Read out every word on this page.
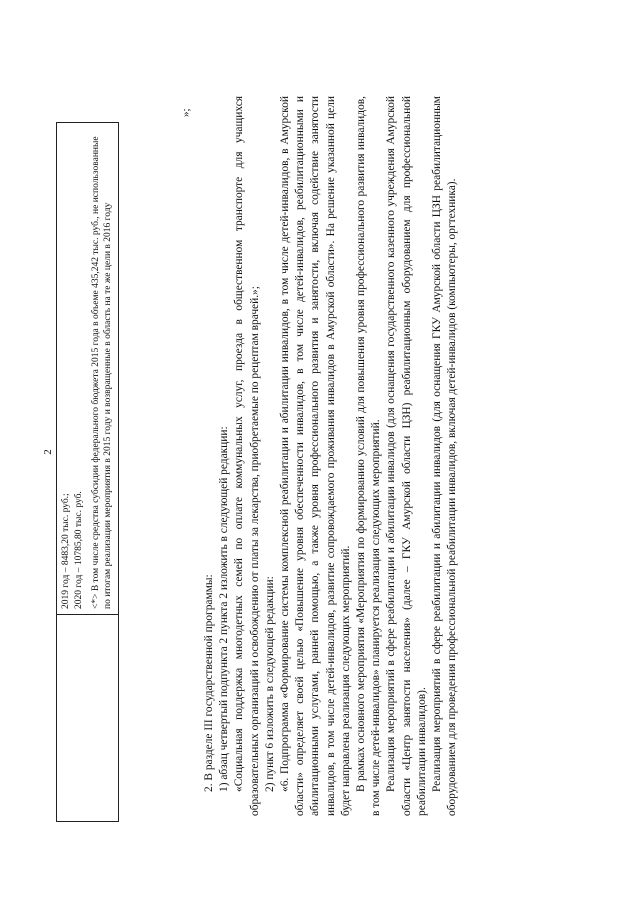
2

2019 год – 8483,20 тыс. руб.; 2020 год – 10785,80 тыс. руб. <*> В том числе средства субсидии федерального бюджета 2015 года в объеме 435,242 тыс. руб., не использованные по итогам реализации мероприятия в 2015 году и возвращенные в область на те же цели в 2016 году
»;

2. В разделе III государственной программы: 1) абзац четвертый подпункта 2 пункта 2 изложить в следующей редакции: «Социальная поддержка многодетных семей по оплате коммунальных услуг, проезда в общественном транспорте для учащихся образовательных организаций и освобождению от платы за лекарства, приобретаемые по рецептам врачей.»; 2) пункт 6 изложить в следующей редакции: «6. Подпрограмма «Формирование системы комплексной реабилитации и абилитации инвалидов, в том числе детей-инвалидов, в Амурской области» определяет своей целью «Повышение уровня обеспеченности инвалидов, в том числе детей-инвалидов, реабилитационными и абилитационными услугами, ранней помощью, а также уровня профессионального развития и занятости, включая содействие занятости инвалидов, в том числе детей-инвалидов, развитие сопровождаемого проживания инвалидов в Амурской области». На решение указанной цели будет направлена реализация следующих мероприятий. В рамках основного мероприятия «Мероприятия по формированию условий для повышения уровня профессионального развития инвалидов, в том числе детей-инвалидов» планируется реализация следующих мероприятий. Реализация мероприятий в сфере реабилитации и абилитации инвалидов (для оснащения государственного казенного учреждения Амурской области «Центр занятости населения» (далее – ГКУ Амурской области ЦЗН) реабилитационным оборудованием для профессиональной реабилитации инвалидов). Реализация мероприятий в сфере реабилитации и абилитации инвалидов (для оснащения ГКУ Амурской области ЦЗН реабилитационным оборудованием для проведения профессиональной реабилитации инвалидов, включая детей-инвалидов (компьютеры, оргтехника).
